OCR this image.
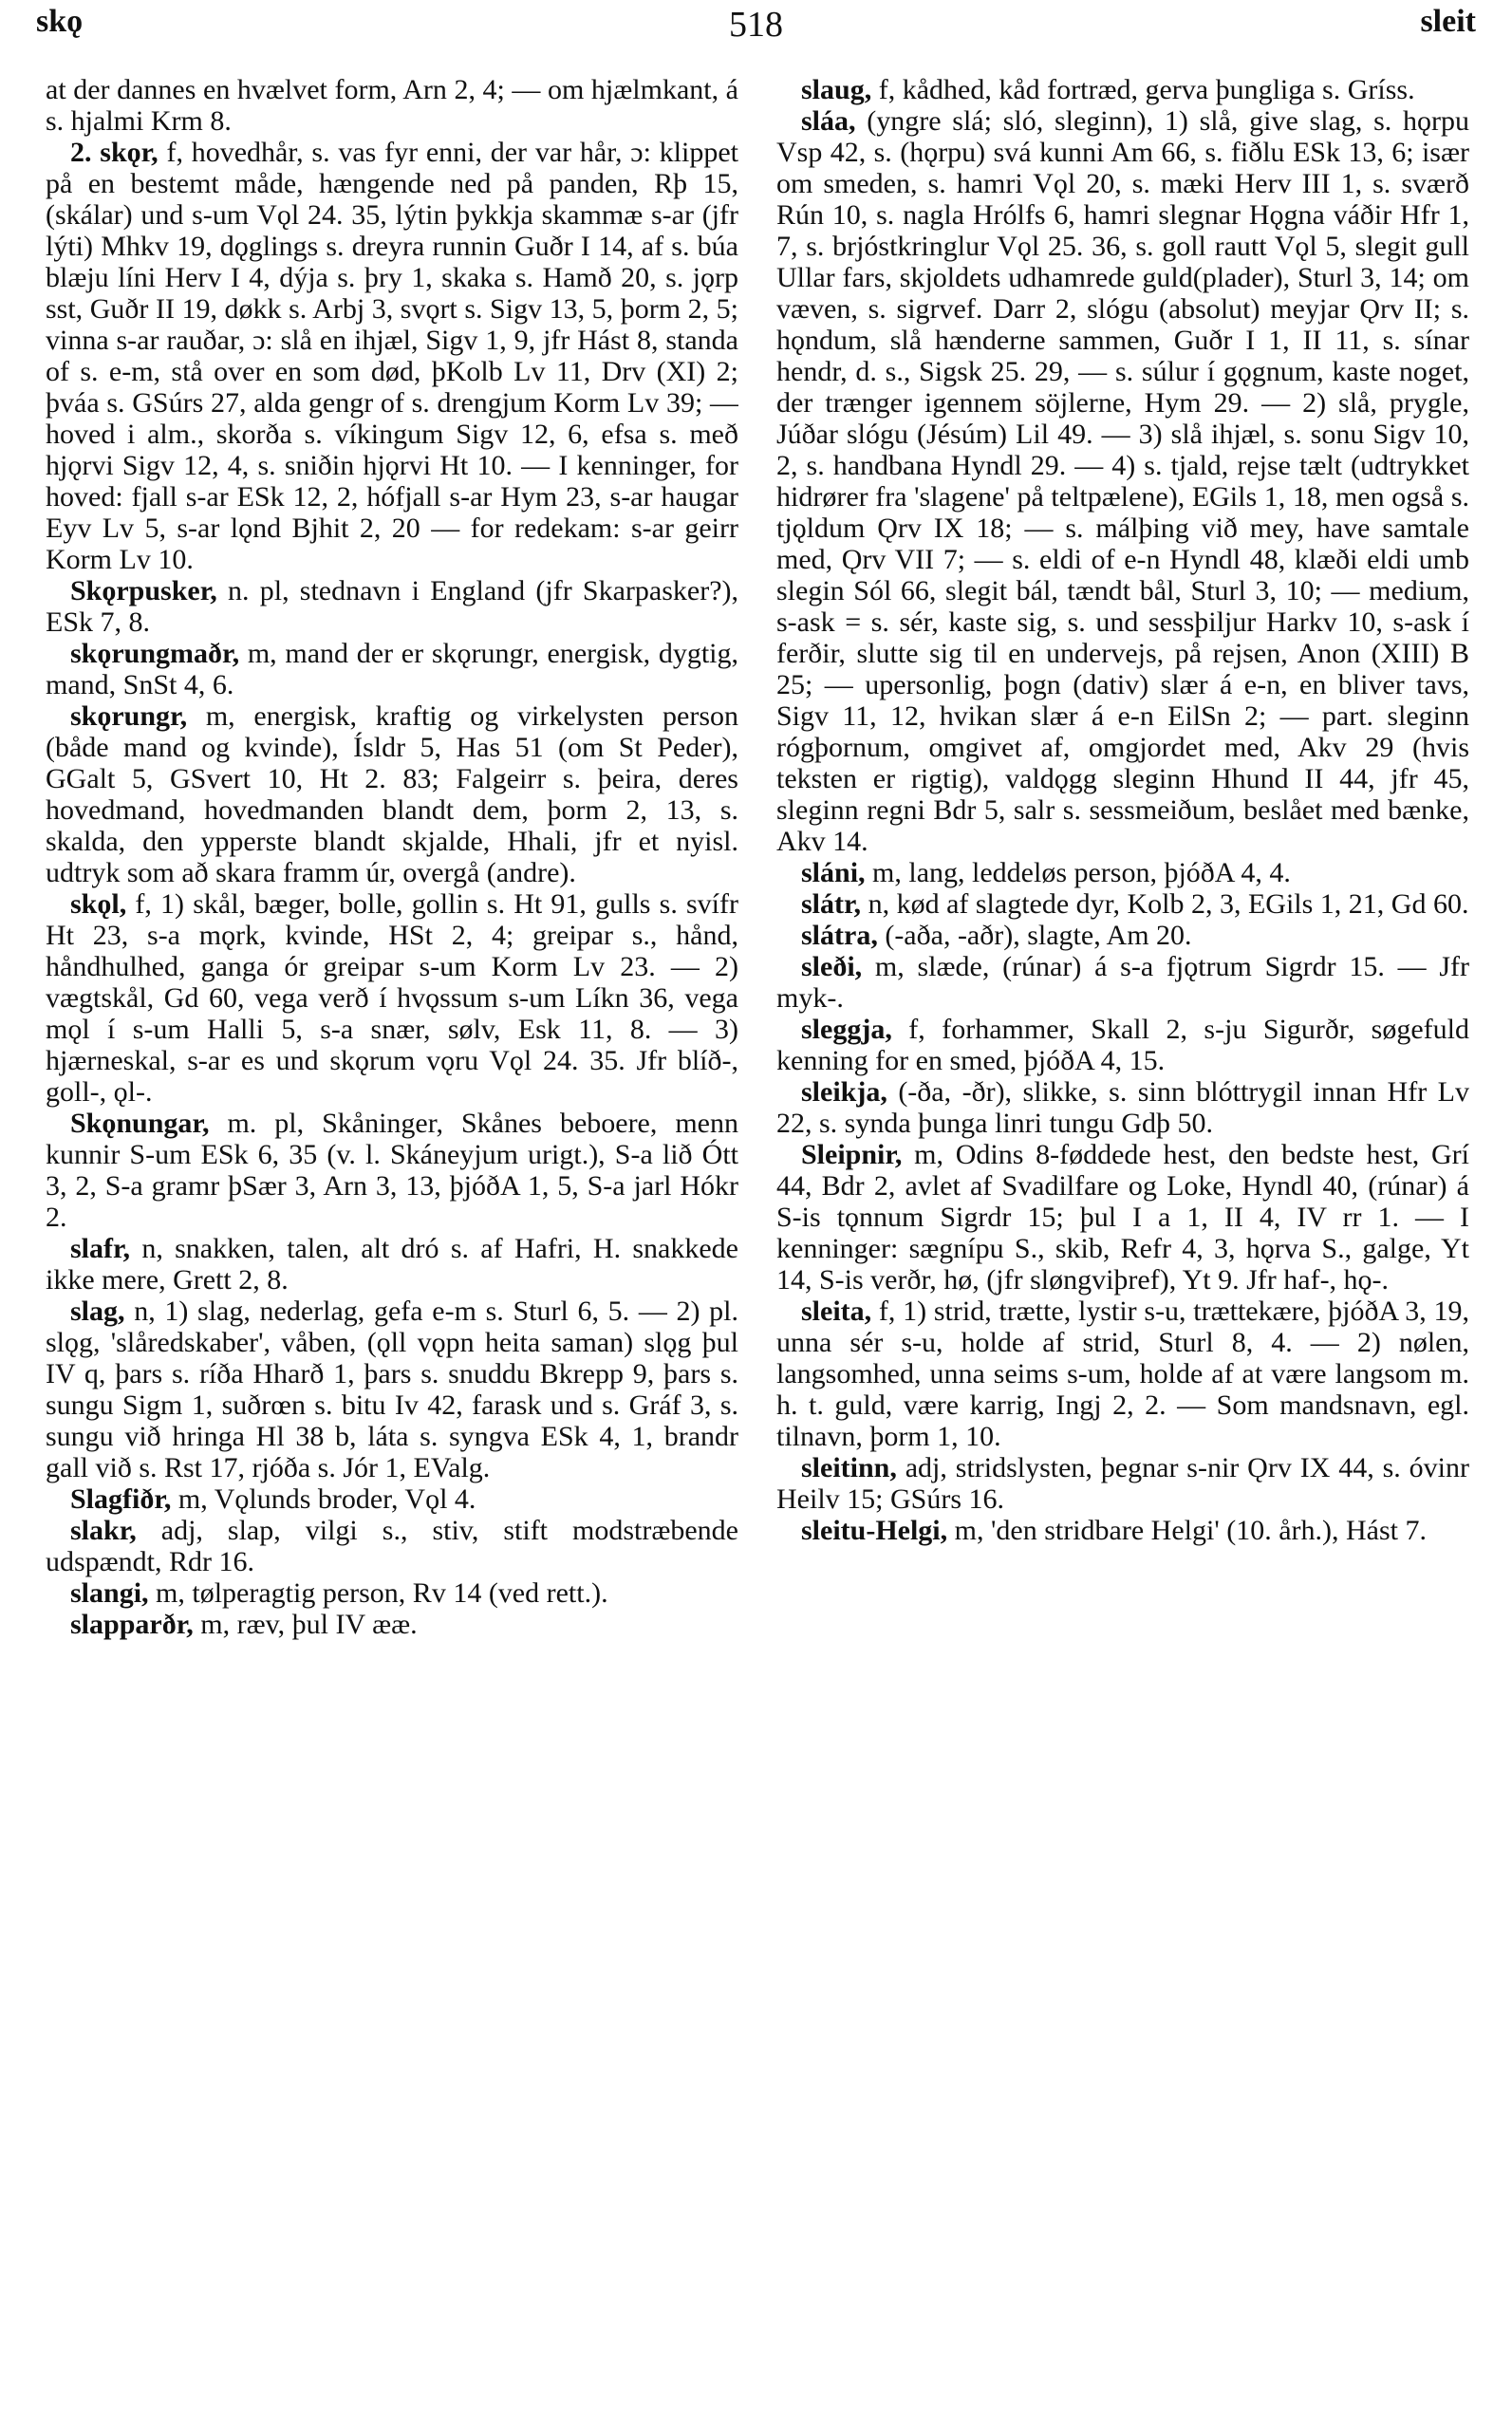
skǫ	518	sleit

at der dannes en hvælvet form, Arn 2, 4; — om hjælmkant, á s. hjalmi Krm 8.

2. skǫr, f, hovedhår, s. vas fyr enni, der var hår, ɔ: klippet på en bestemt måde, hængende ned på panden, Rþ 15, (skálar) und s-um Vǫl 24. 35, lýtin þykkja skammæ s-ar (jfr lýti) Mhkv 19, dǫglings s. dreyra runnin Guðr I 14, af s. búa blæju líni Herv I 4, dýja s. þry 1, skaka s. Hamð 20, s. jǫrp sst, Guðr II 19, døkk s. Arbj 3, svǫrt s. Sigv 13, 5, þorm 2, 5; vinna s-ar rauðar, ɔ: slå en ihjæl, Sigv 1, 9, jfr Hást 8, standa of s. e-m, stå over en som død, þKolb Lv 11, Drv (XI) 2; þváa s. GSúrs 27, alda gengr of s. drengjum Korm Lv 39; — hoved i alm., skorða s. víkingum Sigv 12, 6, efsa s. með hjǫrvi Sigv 12, 4, s. sniðin hjǫrvi Ht 10. — I kenninger, for hoved: fjall s-ar ESk 12, 2, hófjall s-ar Hym 23, s-ar haugar Eyv Lv 5, s-ar lǫnd Bjhit 2, 20 — for redekam: s-ar geirr Korm Lv 10.

Skǫrpusker, n. pl, stednavn i England (jfr Skarpasker?), ESk 7, 8.

skǫrungmaðr, m, mand der er skǫrungr, energisk, dygtig, mand, SnSt 4, 6.

skǫrungr, m, energisk, kraftig og virkelysten person (både mand og kvinde), Ísldr 5, Has 51 (om St Peder), GGalt 5, GSvert 10, Ht 2. 83; Falgeirr s. þeira, deres hovedmand, hovedmanden blandt dem, þorm 2, 13, s. skalda, den ypperste blandt skjalde, Hhali, jfr et nyisl. udtryk som að skara framm úr, overgå (andre).

skǫl, f, 1) skål, bæger, bolle, gollin s. Ht 91, gulls s. svífr Ht 23, s-a mǫrk, kvinde, HSt 2, 4; greipar s., hånd, håndhulhed, ganga ór greipar s-um Korm Lv 23. — 2) vægtskål, Gd 60, vega verð í hvǫssum s-um Líkn 36, vega mǫl í s-um Halli 5, s-a snær, sølv, Esk 11, 8. — 3) hjærneskal, s-ar es und skǫrum vǫru Vǫl 24. 35. Jfr blíð-, goll-, ǫl-.

Skǫnungar, m. pl, Skåninger, Skånes beboere, menn kunnir S-um ESk 6, 35 (v. l. Skáneyjum urigt.), S-a lið Ótt 3, 2, S-a gramr þSær 3, Arn 3, 13, þjóðA 1, 5, S-a jarl Hókr 2.

slafr, n, snakken, talen, alt dró s. af Hafri, H. snakkede ikke mere, Grett 2, 8.

slag, n, 1) slag, nederlag, gefa e-m s. Sturl 6, 5. — 2) pl. slǫg, 'slåredskaber', våben, (ǫll vǫpn heita saman) slǫg þul IV q, þars s. ríða Hharð 1, þars s. snuddu Bkrepp 9, þars s. sungu Sigm 1, suðrœn s. bitu Iv 42, farask und s. Gráf 3, s. sungu við hringa Hl 38 b, láta s. syngva ESk 4, 1, brandr gall við s. Rst 17, rjóða s. Jór 1, EValg.

Slagfiðr, m, Vǫlunds broder, Vǫl 4.

slakr, adj, slap, vilgi s., stiv, stift modstræbende udspændt, Rdr 16.

slangi, m, tølperagtig person, Rv 14 (ved rett.).

slapparðr, m, ræv, þul IV ææ.

slaug, f, kådhed, kåd fortræd, gerva þungliga s. Gríss.

sláa, (yngre slá; sló, sleginn), 1) slå, give slag, s. hǫrpu Vsp 42, s. (hǫrpu) svá kunni Am 66, s. fiðlu ESk 13, 6; især om smeden, s. hamri Vǫl 20, s. mæki Herv III 1, s. sværð Rún 10, s. nagla Hrólfs 6, hamri slegnar Hǫgna váðir Hfr 1, 7, s. brjóstkringlur Vǫl 25. 36, s. goll rautt Vǫl 5, slegit gull Ullar fars, skjoldets udhamrede guld(plader), Sturl 3, 14; om væven, s. sigrvef. Darr 2, slógu (absolut) meyjar Ǫrv II; s. hǫndum, slå hænderne sammen, Guðr I 1, II 11, s. sínar hendr, d. s., Sigsk 25. 29, — s. súlur í gǫgnum, kaste noget, der trænger igennem söjlerne, Hym 29. — 2) slå, prygle, Júðar slógu (Jésúm) Lil 49. — 3) slå ihjæl, s. sonu Sigv 10, 2, s. handbana Hyndl 29. — 4) s. tjald, rejse tælt (udtrykket hidrører fra 'slagene' på teltpælene), EGils 1, 18, men også s. tjǫldum Ǫrv IX 18; — s. málþing við mey, have samtale med, Ǫrv VII 7; — s. eldi of e-n Hyndl 48, klæði eldi umb slegin Sól 66, slegit bál, tændt bål, Sturl 3, 10; — medium, s-ask = s. sér, kaste sig, s. und sessþiljur Harkv 10, s-ask í ferðir, slutte sig til en undervejs, på rejsen, Anon (XIII) B 25; — upersonlig, þogn (dativ) slær á e-n, en bliver tavs, Sigv 11, 12, hvikan slær á e-n EilSn 2; — part. sleginn rógþornum, omgivet af, omgjordet med, Akv 29 (hvis teksten er rigtig), valdǫgg sleginn Hhund II 44, jfr 45, sleginn regni Bdr 5, salr s. sessmeiðum, beslået med bænke, Akv 14.

sláni, m, lang, leddeløs person, þjóðA 4, 4.

slátr, n, kød af slagtede dyr, Kolb 2, 3, EGils 1, 21, Gd 60.

slátra, (-aða, -aðr), slagte, Am 20.

sleði, m, slæde, (rúnar) á s-a fjǫtrum Sigrdr 15. — Jfr myk-.

sleggja, f, forhammer, Skall 2, s-ju Sigurðr, søgefuld kenning for en smed, þjóðA 4, 15.

sleikja, (-ða, -ðr), slikke, s. sinn blóttrygil innan Hfr Lv 22, s. synda þunga linri tungu Gdþ 50.

Sleipnir, m, Odins 8-føddede hest, den bedste hest, Grí 44, Bdr 2, avlet af Svadilfare og Loke, Hyndl 40, (rúnar) á S-is tǫnnum Sigrdr 15; þul I a 1, II 4, IV rr 1. — I kenninger: sægnípu S., skib, Refr 4, 3, hǫrva S., galge, Yt 14, S-is verðr, hø, (jfr sløngviþref), Yt 9. Jfr haf-, hǫ-.

sleita, f, 1) strid, trætte, lystir s-u, trættekære, þjóðA 3, 19, unna sér s-u, holde af strid, Sturl 8, 4. — 2) nølen, langsomhed, unna seims s-um, holde af at være langsom m. h. t. guld, være karrig, Ingj 2, 2. — Som mandsnavn, egl. tilnavn, þorm 1, 10.

sleitinn, adj, stridslysten, þegnar s-nir Ǫrv IX 44, s. óvinr Heilv 15; GSúrs 16.

sleitu-Helgi, m, 'den stridbare Helgi' (10. årh.), Hást 7.
